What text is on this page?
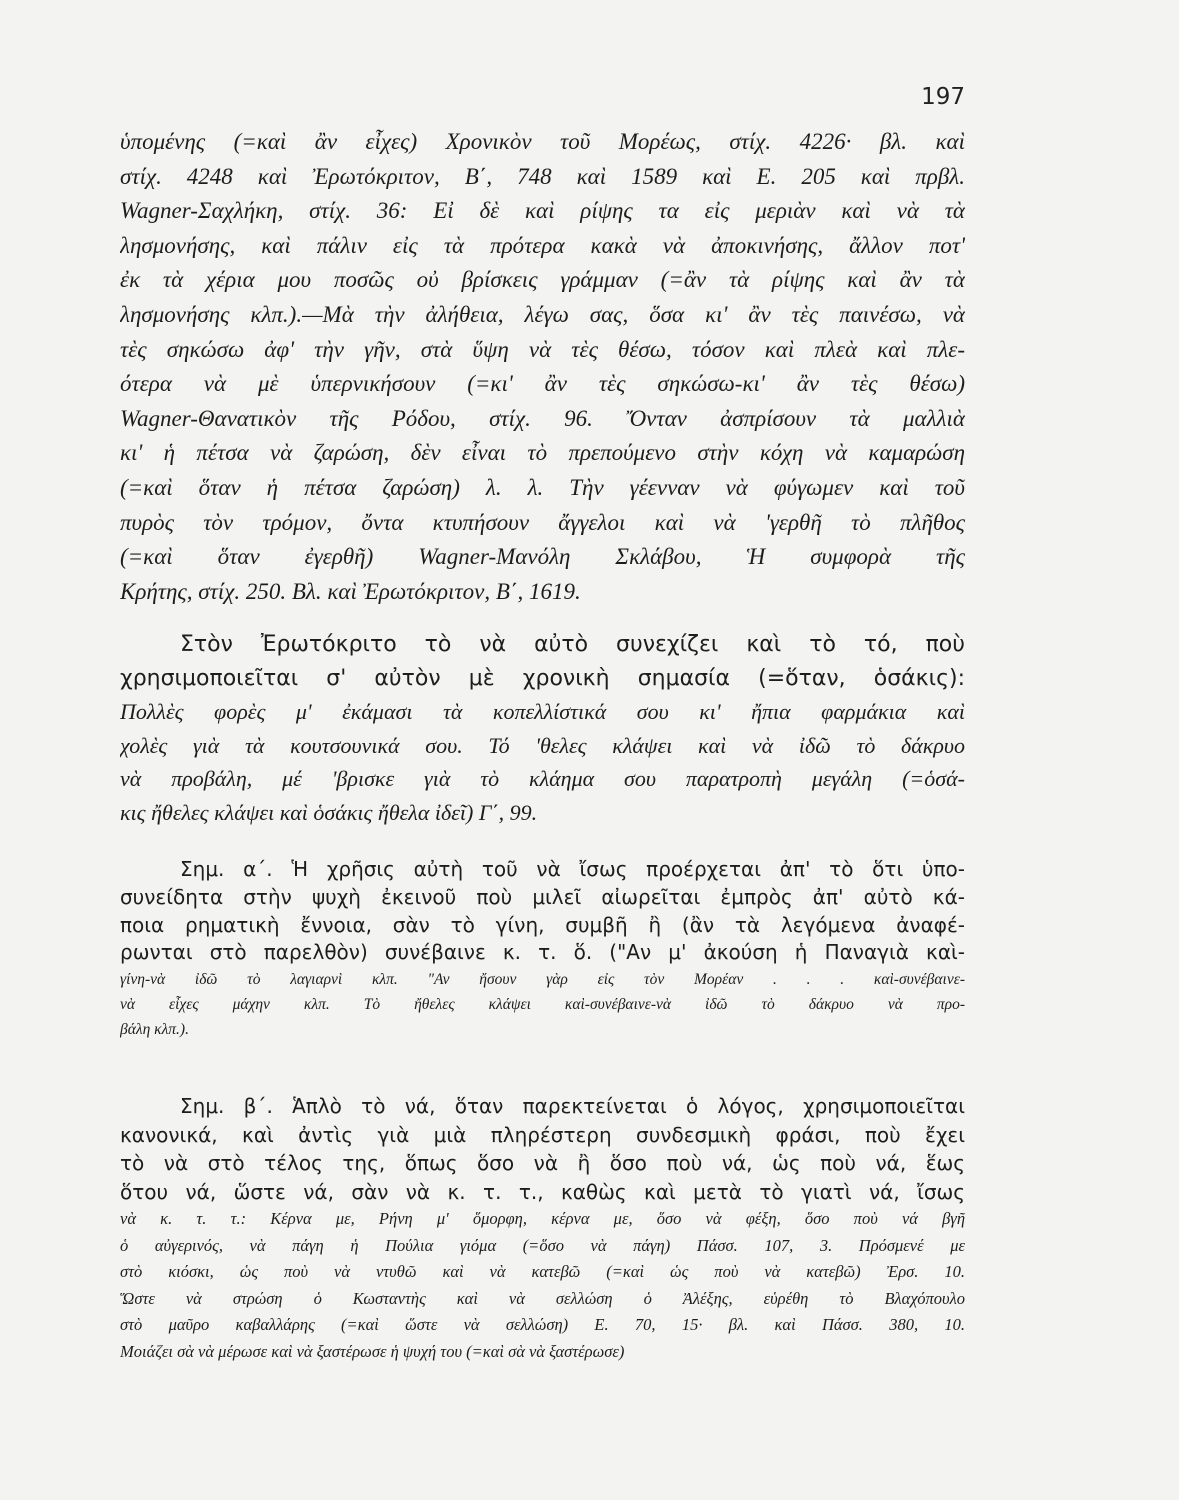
197
ὑπομένης (=καὶ ἂν εἶχες) Χρονικὸν τοῦ Μορέως, στίχ. 4226· βλ. καὶ
στίχ. 4248 καὶ Ἐρωτόκριτον, Β΄, 748 καὶ 1589 καὶ Ε. 205 καὶ πρβλ.
Wagner-Σαχλήκη, στίχ. 36: Εἰ δὲ καὶ ρίψης τα εἰς μεριὰν καὶ νὰ τὰ
λησμονήσης, καὶ πάλιν εἰς τὰ πρότερα κακὰ νὰ ἀποκινήσης, ἄλλον ποτ'
ἐκ τὰ χέρια μου ποσῶς οὐ βρίσκεις γράμμαν (=ἂν τὰ ρίψης καὶ ἂν τὰ
λησμονήσης κλπ.).—Μὰ τὴν ἀλήθεια, λέγω σας, ὅσα κι' ἂν τὲς παινέσω, νὰ
τὲς σηκώσω ἀφ' τὴν γῆν, στὰ ὕψη νὰ τὲς θέσω, τόσον καὶ πλεὰ καὶ πλε-
ότερα νὰ μὲ ὑπερνικήσουν (=κι' ἂν τὲς σηκώσω-κι' ἂν τὲς θέσω)
Wagner-Θανατικὸν τῆς Ρόδου, στίχ. 96. Ὄνταν ἀσπρίσουν τὰ μαλλιὰ
κι' ἡ πέτσα νὰ ζαρώση, δὲν εἶναι τὸ πρεπούμενο στὴν κόχη νὰ καμαρώση
(=καὶ ὅταν ἡ πέτσα ζαρώση) λ. λ. Τὴν γέενναν νὰ φύγωμεν καὶ τοῦ
πυρὸς τὸν τρόμον, ὄντα κτυπήσουν ἄγγελοι καὶ νὰ 'γερθῆ τὸ πλῆθος
(=καὶ ὅταν ἐγερθῆ) Wagner-Μανόλη Σκλάβου, Ἡ συμφορὰ τῆς
Κρήτης, στίχ. 250. Βλ. καὶ Ἐρωτόκριτον, Β΄, 1619.
Στὸν Ἐρωτόκριτο τὸ νὰ αὐτὸ συνεχίζει καὶ τὸ τό, ποὺ
χρησιμοποιεῖται σ' αὐτὸν μὲ χρονικὴ σημασία (=ὅταν, ὁσάκις):
Πολλὲς φορὲς μ' ἐκάμασι τὰ κοπελλίστικά σου κι' ἤπια φαρμάκια καὶ
χολὲς γιὰ τὰ κουτσουνικά σου. Τό 'θελες κλάψει καὶ νὰ ἰδῶ τὸ δάκρυο
νὰ προβάλη, μέ 'βρισκε γιὰ τὸ κλάημα σου παρατροπὴ μεγάλη (=ὁσά-
κις ἤθελες κλάψει καὶ ὁσάκις ἤθελα ἰδεῖ) Γ΄, 99.
Σημ. α΄. Ἡ χρῆσις αὐτὴ τοῦ νὰ ἴσως προέρχεται ἀπ' τὸ ὅτι ὑπο-
συνείδητα στὴν ψυχὴ ἐκεινοῦ ποὺ μιλεῖ αἰωρεῖται ἐμπρὸς ἀπ' αὐτὸ κά-
ποια ρηματικὴ ἔννοια, σὰν τὸ γίνη, συμβῆ ἢ (ἂν τὰ λεγόμενα ἀναφέ-
ρωνται στὸ παρελθὸν) συνέβαινε κ. τ. ὅ. ("Αν μ' ἀκούση ἡ Παναγιὰ καὶ-
γίνη-νὰ ἰδῶ τὸ λαγιαρνὶ κλπ. "Αν ἤσουν γὰρ εἰς τὸν Μορέαν . . . καὶ-συνέβαινε-
νὰ εἶχες μάχην κλπ. Τὸ ἤθελες κλάψει καὶ-συνέβαινε-νὰ ἰδῶ τὸ δάκρυο νὰ προ-
βάλη κλπ.).
Σημ. β΄. Ἁπλὸ τὸ νά, ὅταν παρεκτείνεται ὁ λόγος, χρησιμοποιεῖται
κανονικά, καὶ ἀντὶς γιὰ μιὰ πληρέστερη συνδεσμικὴ φράσι, ποὺ ἔχει
τὸ νὰ στὸ τέλος της, ὅπως ὅσο νὰ ἢ ὅσο ποὺ νά, ὡς ποὺ νά, ἕως
ὅτου νά, ὥστε νά, σὰν νὰ κ. τ. τ., καθὼς καὶ μετὰ τὸ γιατὶ νά, ἴσως
νὰ κ. τ. τ.: Κέρνα με, Ρήνη μ' ὅμορφη, κέρνα με, ὅσο νὰ φέξη, ὅσο ποὺ νά βγῆ
ὁ αὐγερινός, νὰ πάγη ἡ Πούλια γιόμα (=ὅσο νὰ πάγη) Πάσσ. 107, 3. Πρόσμενέ με
στὸ κιόσκι, ὡς ποὺ νὰ ντυθῶ καὶ νὰ κατεβῶ (=καὶ ὡς ποὺ νὰ κατεβῶ) Ἐρσ. 10.
Ὥστε νὰ στρώση ὁ Κωσταντὴς καὶ νὰ σελλώση ὁ Ἀλέξης, εὑρέθη τὸ Βλαχόπουλο
στὸ μαῦρο καβαλλάρης (=καὶ ὥστε νὰ σελλώση) Ε. 70, 15· βλ. καὶ Πάσσ. 380, 10.
Μοιάζει σὰ νὰ μέρωσε καὶ νὰ ξαστέρωσε ἡ ψυχή του (=καὶ σὰ νὰ ξαστέρωσε)
